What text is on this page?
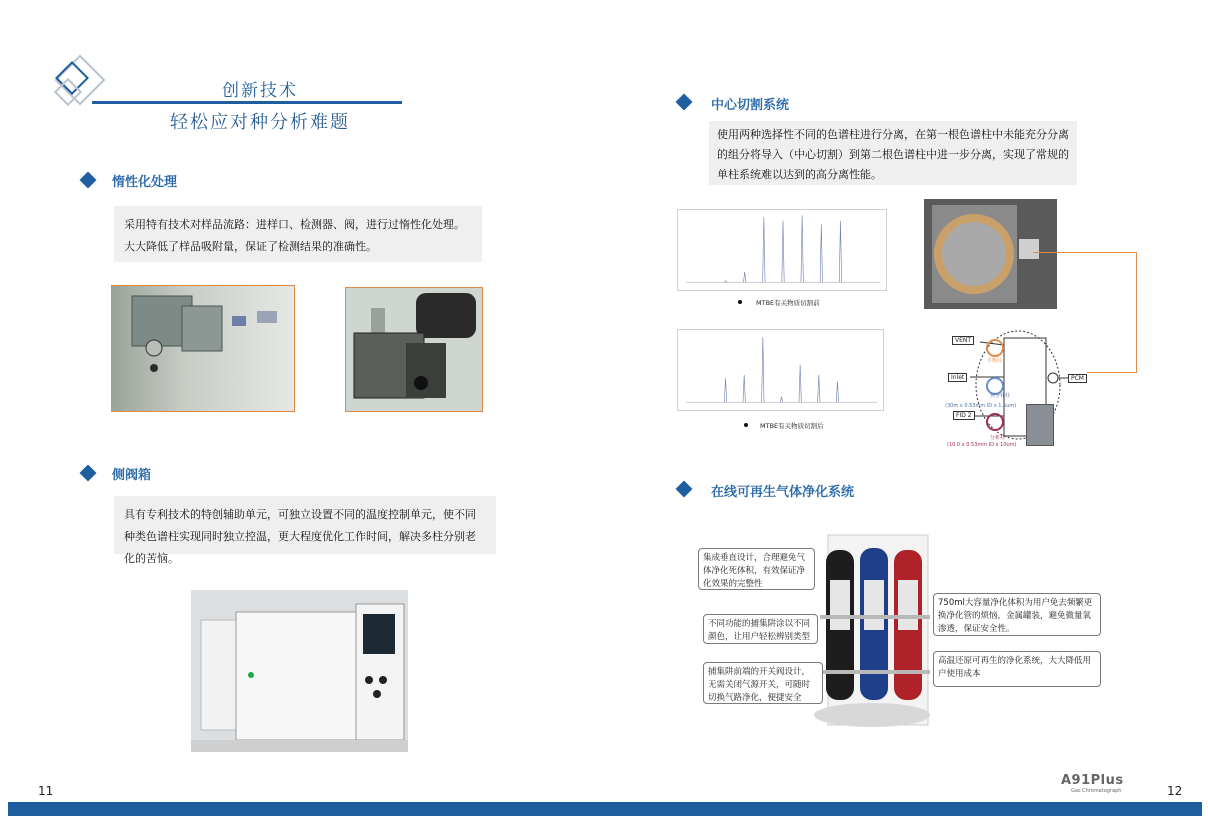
创新技术
轻松应对种分析难题
惰性化处理
采用特有技术对样品流路：进样口、检测器、阀，进行过惰性化处理。大大降低了样品吸附量，保证了检测结果的准确性。
侧阀箱
具有专利技术的特创辅助单元，可独立设置不同的温度控制单元，使不同种类色谱柱实现同时独立控温，更大程度优化工作时间，解决多柱分别老化的苦恼。
中心切割系统
使用两种选择性不同的色谱柱进行分离，在第一根色谱柱中未能充分分离的组分将导入（中心切割）到第二根色谱柱中进一步分离，实现了常规的单柱系统难以达到的高分离性能。
MTBE有关物质切割前
MTBE有关物质切割后
VENT
Inlet
FID 2
PCM
平衡柱
预分柱柱
(30m x 0.53mm ID x 1.5um)
分析柱
(10.0 x 0.53mm ID x 10um)
在线可再生气体净化系统
集成垂直设计，合理避免气体净化死体积，有效保证净化效果的完整性
不同功能的捕集阱涂以不同颜色，让用户轻松辨别类型
捕集阱前端的开关阀设计，无需关闭气源开关，可随时切换气路净化，便捷安全
750ml大容量净化体积为用户免去频繁更换净化管的烦恼，金属罐装，避免微量氧渗透，保证安全性。
高温还原可再生的净化系统，大大降低用户使用成本
11
A91Plus
Gas Chromatograph	12
